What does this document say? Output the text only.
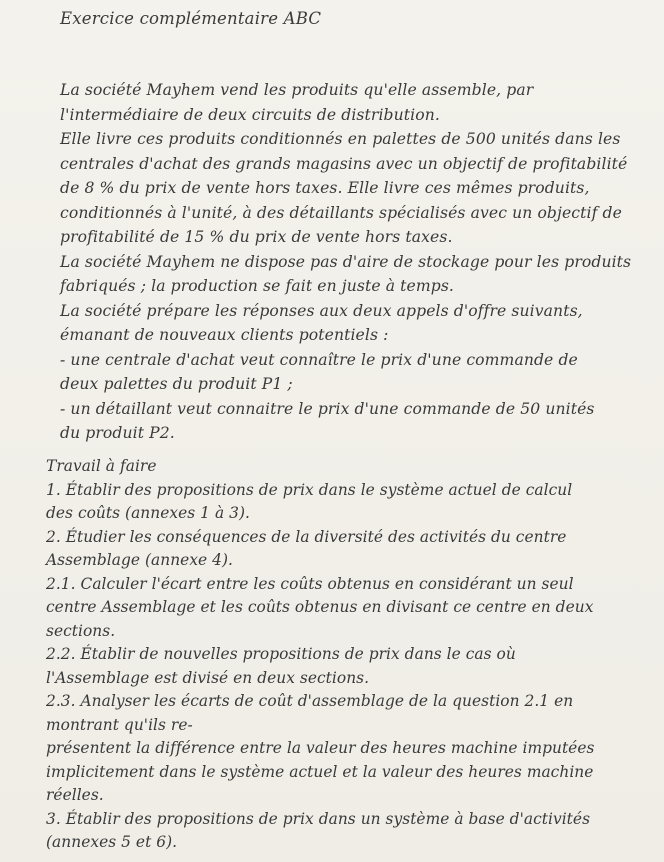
Exercice complémentaire ABC
La société Mayhem vend les produits qu'elle assemble, par
l'intermédiaire de deux circuits de distribution.
Elle livre ces produits conditionnés en palettes de 500 unités dans les
centrales d'achat des grands magasins avec un objectif de profitabilité
de 8 % du prix de vente hors taxes. Elle livre ces mêmes produits,
conditionnés à l'unité, à des détaillants spécialisés avec un objectif de
profitabilité de 15 % du prix de vente hors taxes.
La société Mayhem ne dispose pas d'aire de stockage pour les produits
fabriqués ; la production se fait en juste à temps.
La société prépare les réponses aux deux appels d'offre suivants,
émanant de nouveaux clients potentiels :
- une centrale d'achat veut connaître le prix d'une commande de
deux palettes du produit P1 ;
- un détaillant veut connaitre le prix d'une commande de 50 unités
du produit P2.
Travail à faire
1. Établir des propositions de prix dans le système actuel de calcul
des coûts (annexes 1 à 3).
2. Étudier les conséquences de la diversité des activités du centre
Assemblage (annexe 4).
2.1. Calculer l'écart entre les coûts obtenus en considérant un seul
centre Assemblage et les coûts obtenus en divisant ce centre en deux
sections.
2.2. Établir de nouvelles propositions de prix dans le cas où
l'Assemblage est divisé en deux sections.
2.3. Analyser les écarts de coût d'assemblage de la question 2.1 en
montrant qu'ils re-
présentent la différence entre la valeur des heures machine imputées
implicitement dans le système actuel et la valeur des heures machine
réelles.
3. Établir des propositions de prix dans un système à base d'activités
(annexes 5 et 6).
